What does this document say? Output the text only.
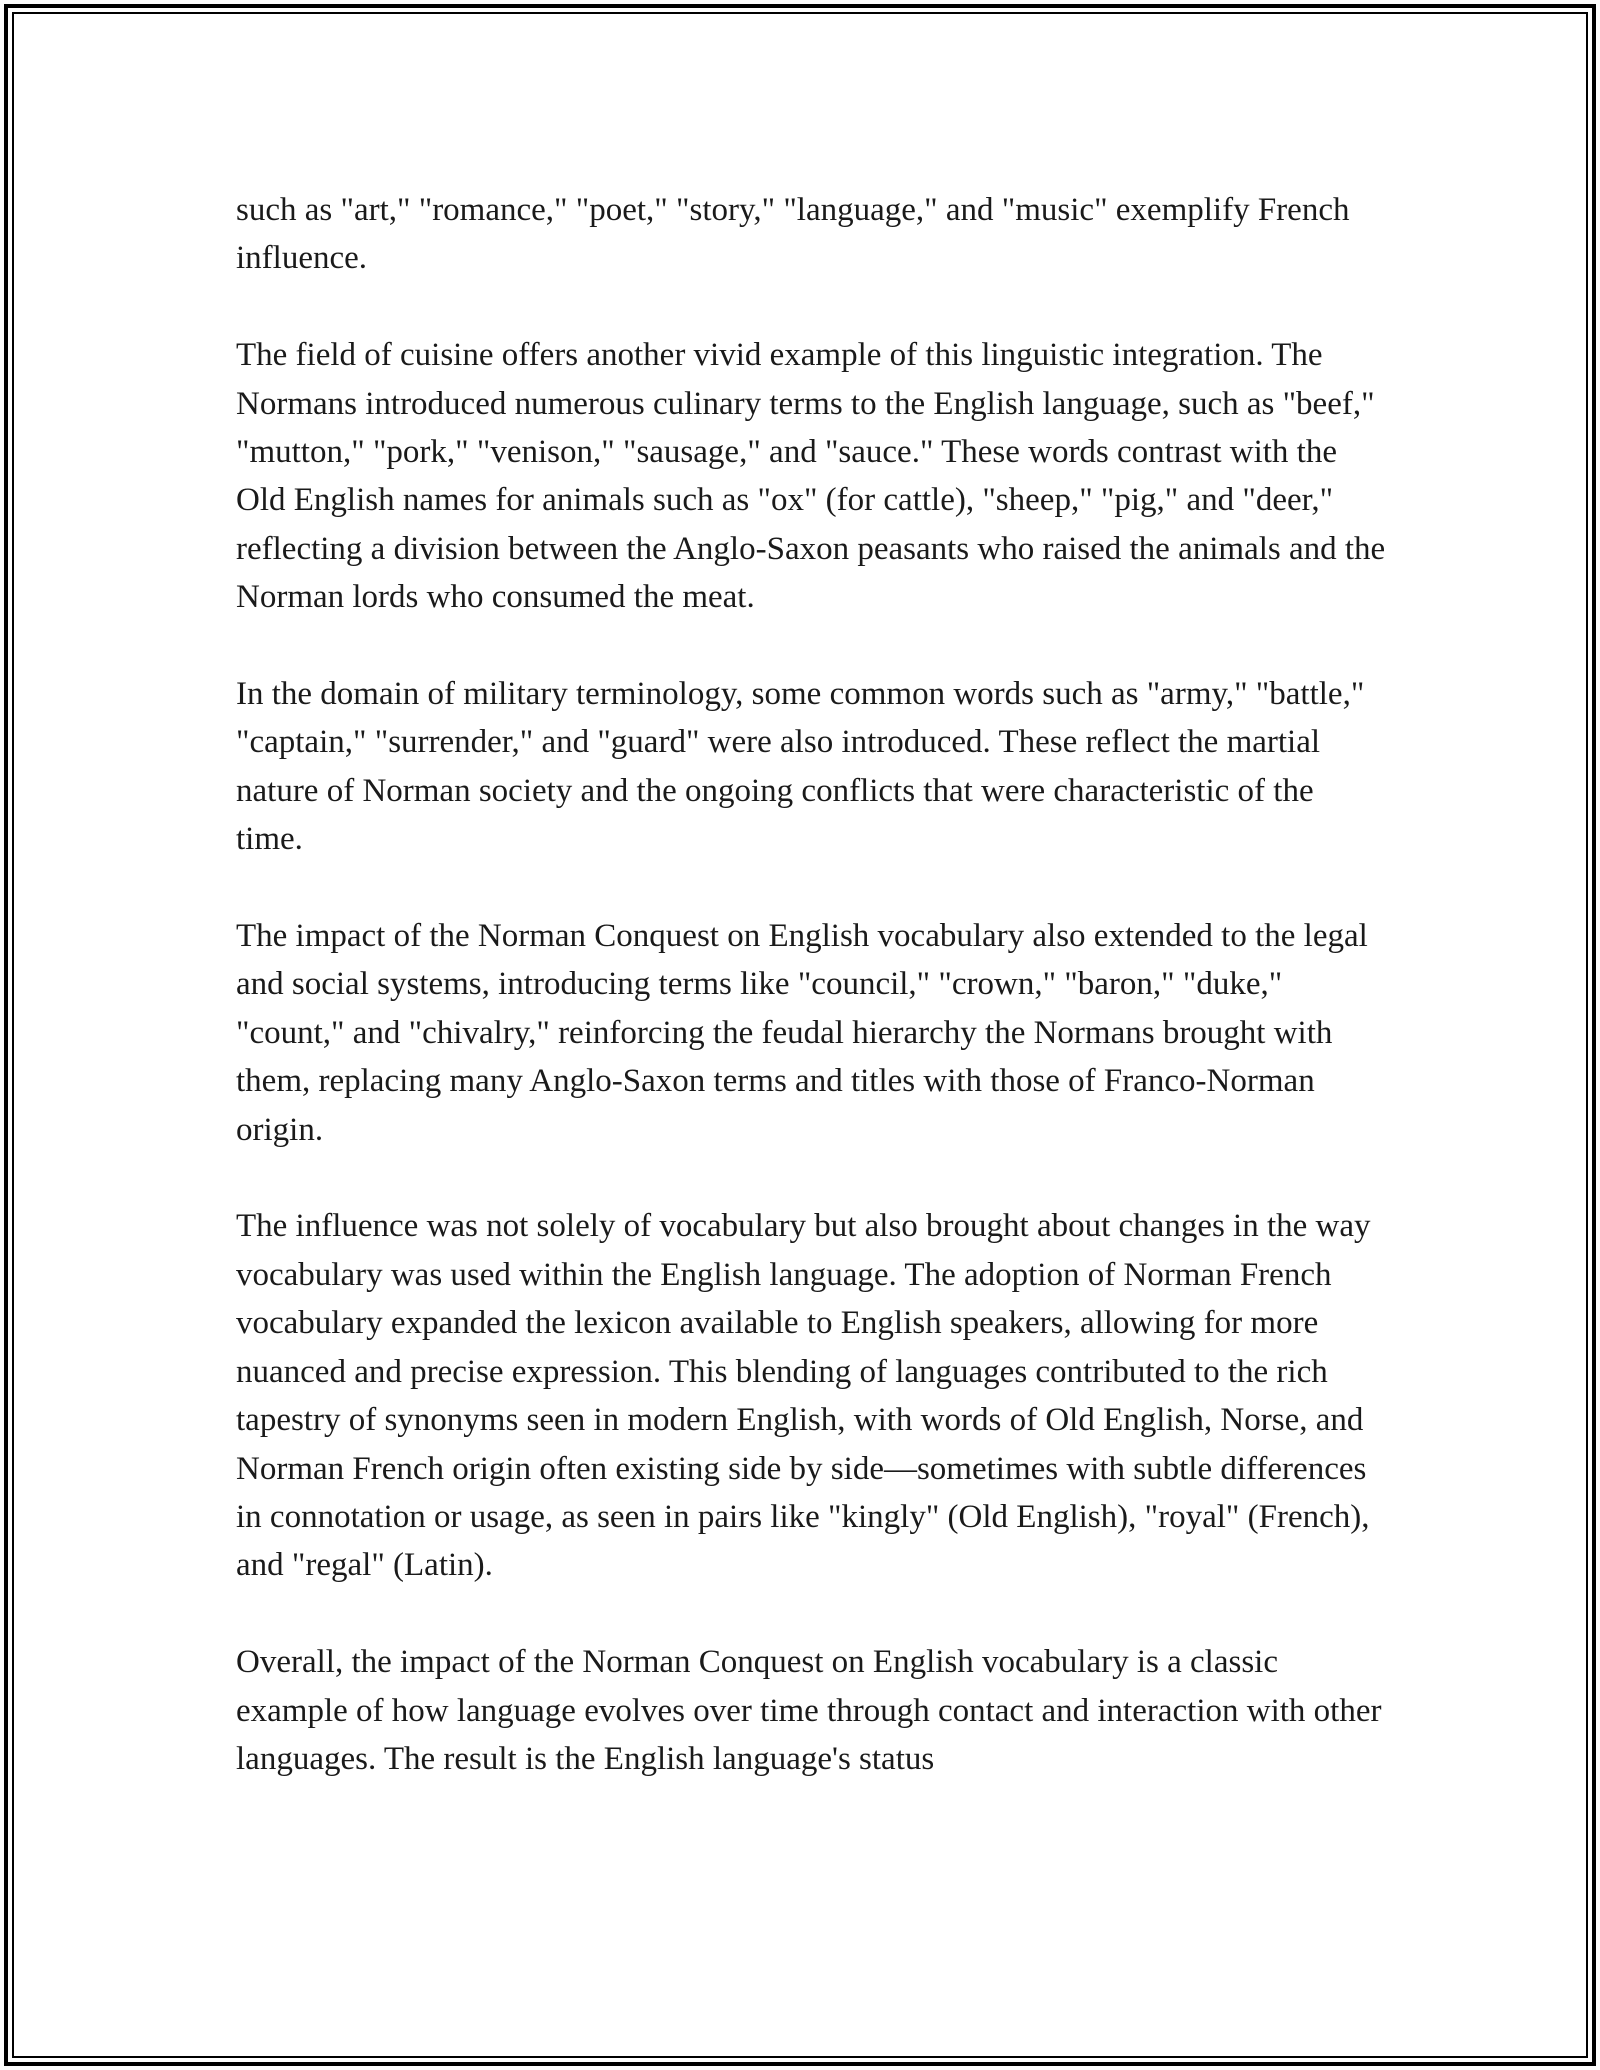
such as "art," "romance," "poet," "story," "language," and "music" exemplify French influence.

The field of cuisine offers another vivid example of this linguistic integration. The Normans introduced numerous culinary terms to the English language, such as "beef," "mutton," "pork," "venison," "sausage," and "sauce." These words contrast with the Old English names for animals such as "ox" (for cattle), "sheep," "pig," and "deer," reflecting a division between the Anglo-Saxon peasants who raised the animals and the Norman lords who consumed the meat.

In the domain of military terminology, some common words such as "army," "battle," "captain," "surrender," and "guard" were also introduced. These reflect the martial nature of Norman society and the ongoing conflicts that were characteristic of the time.

The impact of the Norman Conquest on English vocabulary also extended to the legal and social systems, introducing terms like "council," "crown," "baron," "duke," "count," and "chivalry," reinforcing the feudal hierarchy the Normans brought with them, replacing many Anglo-Saxon terms and titles with those of Franco-Norman origin.

The influence was not solely of vocabulary but also brought about changes in the way vocabulary was used within the English language. The adoption of Norman French vocabulary expanded the lexicon available to English speakers, allowing for more nuanced and precise expression. This blending of languages contributed to the rich tapestry of synonyms seen in modern English, with words of Old English, Norse, and Norman French origin often existing side by side—sometimes with subtle differences in connotation or usage, as seen in pairs like "kingly" (Old English), "royal" (French), and "regal" (Latin).

Overall, the impact of the Norman Conquest on English vocabulary is a classic example of how language evolves over time through contact and interaction with other languages. The result is the English language's status
